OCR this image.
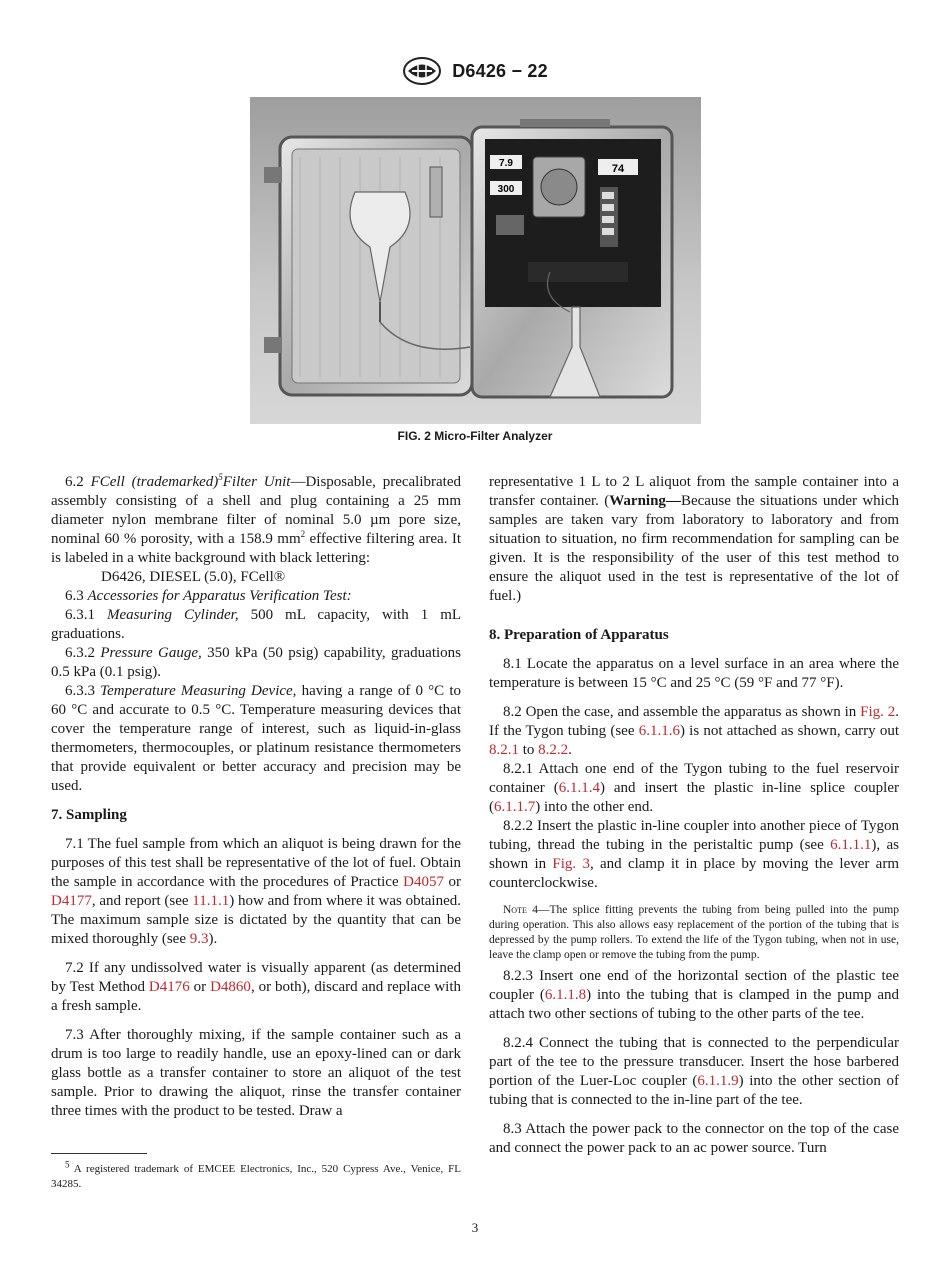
D6426 − 22
7.9
300
74
FIG. 2 Micro-Filter Analyzer

6.2 FCell (trademarked)$^5$Filter Unit—Disposable, precalibrated assembly consisting of a shell and plug containing a 25 mm diameter nylon membrane filter of nominal 5.0 µm pore size, nominal 60 % porosity, with a 158.9 $mm^2$ effective filtering area. It is labeled in a white background with black lettering:

D6426, DIESEL (5.0), FCell®

6.3 Accessories for Apparatus Verification Test:

6.3.1 Measuring Cylinder, 500 mL capacity, with 1 mL graduations.

6.3.2 Pressure Gauge, 350 kPa (50 psig) capability, graduations 0.5 kPa (0.1 psig).

6.3.3 Temperature Measuring Device, having a range of 0 °C to 60 °C and accurate to 0.5 °C. Temperature measuring devices that cover the temperature range of interest, such as liquid-in-glass thermometers, thermocouples, or platinum resistance thermometers that provide equivalent or better accuracy and precision may be used.

7. Sampling

7.1 The fuel sample from which an aliquot is being drawn for the purposes of this test shall be representative of the lot of fuel. Obtain the sample in accordance with the procedures of Practice D4057 or D4177, and report (see 11.1.1) how and from where it was obtained. The maximum sample size is dictated by the quantity that can be mixed thoroughly (see 9.3).

7.2 If any undissolved water is visually apparent (as determined by Test Method D4176 or D4860, or both), discard and replace with a fresh sample.

7.3 After thoroughly mixing, if the sample container such as a drum is too large to readily handle, use an epoxy-lined can or dark glass bottle as a transfer container to store an aliquot of the test sample. Prior to drawing the aliquot, rinse the transfer container three times with the product to be tested. Draw a

$^5$ A registered trademark of EMCEE Electronics, Inc., 520 Cypress Ave., Venice, FL 34285.

representative 1 L to 2 L aliquot from the sample container into a transfer container. (Warning—Because the situations under which samples are taken vary from laboratory to laboratory and from situation to situation, no firm recommendation for sampling can be given. It is the responsibility of the user of this test method to ensure the aliquot used in the test is representative of the lot of fuel.)

8. Preparation of Apparatus

8.1 Locate the apparatus on a level surface in an area where the temperature is between 15 °C and 25 °C (59 °F and 77 °F).

8.2 Open the case, and assemble the apparatus as shown in Fig. 2. If the Tygon tubing (see 6.1.1.6) is not attached as shown, carry out 8.2.1 to 8.2.2.

8.2.1 Attach one end of the Tygon tubing to the fuel reservoir container (6.1.1.4) and insert the plastic in-line splice coupler (6.1.1.7) into the other end.

8.2.2 Insert the plastic in-line coupler into another piece of Tygon tubing, thread the tubing in the peristaltic pump (see 6.1.1.1), as shown in Fig. 3, and clamp it in place by moving the lever arm counterclockwise.

Note 4—The splice fitting prevents the tubing from being pulled into the pump during operation. This also allows easy replacement of the portion of the tubing that is depressed by the pump rollers. To extend the life of the Tygon tubing, when not in use, leave the clamp open or remove the tubing from the pump.

8.2.3 Insert one end of the horizontal section of the plastic tee coupler (6.1.1.8) into the tubing that is clamped in the pump and attach two other sections of tubing to the other parts of the tee.

8.2.4 Connect the tubing that is connected to the perpendicular part of the tee to the pressure transducer. Insert the hose barbered portion of the Luer-Loc coupler (6.1.1.9) into the other section of tubing that is connected to the in-line part of the tee.

8.3 Attach the power pack to the connector on the top of the case and connect the power pack to an ac power source. Turn

3
